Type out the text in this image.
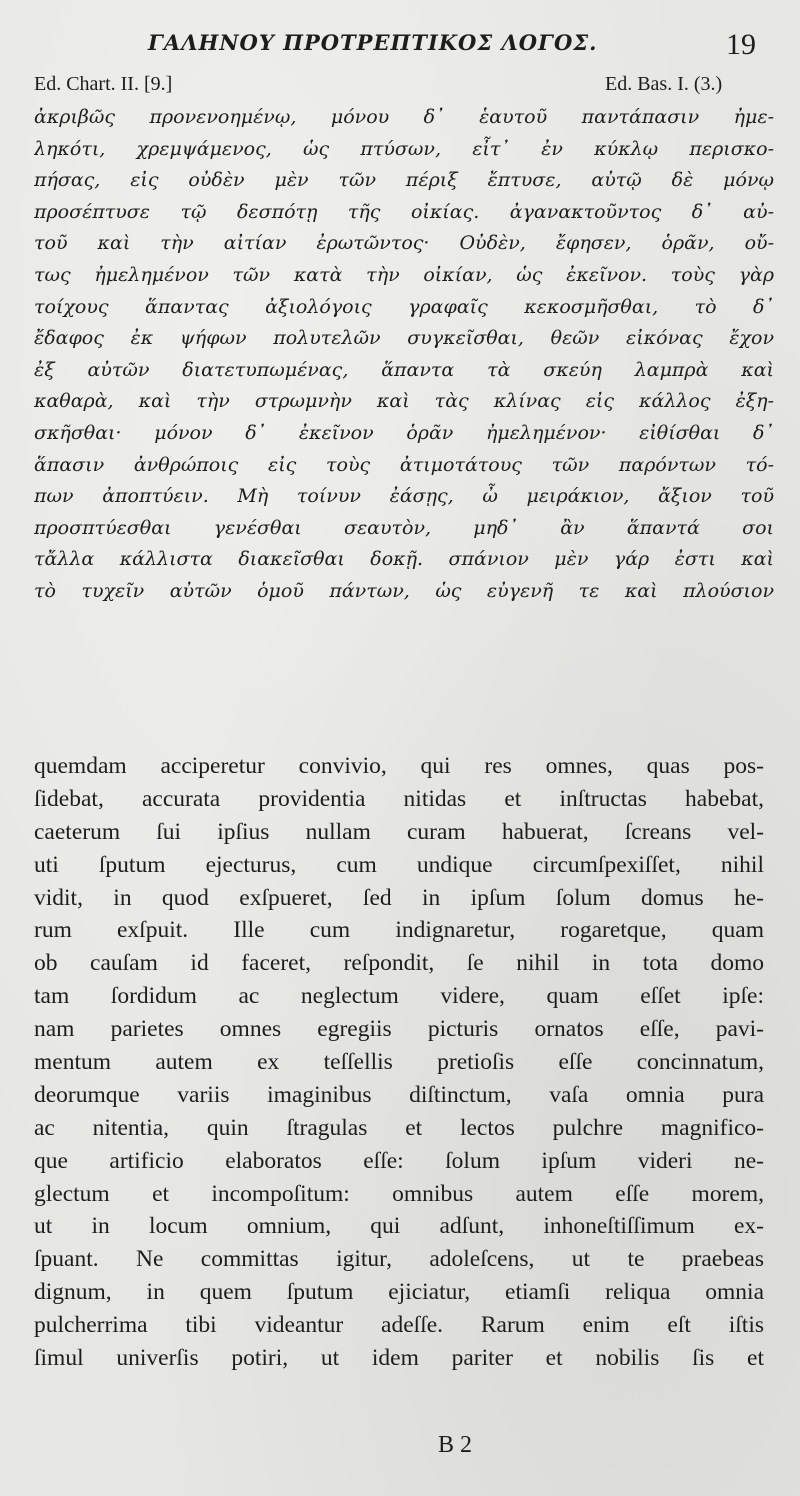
ΓΑΛΗΝΟΥ ΠΡΟΤΡΕΠΤΙΚΟΣ ΛΟΓΟΣ.	19
Ed. Chart. II. [9.]	Ed. Bas. I. (3.)
ἀκριβῶς προνενοημένῳ, μόνου δ᾽ ἑαυτοῦ παντάπασιν ἠμε-
ληκότι, χρεμψάμενος, ὡς πτύσων, εἶτ᾽ ἐν κύκλῳ περισκο-
πήσας, εἰς οὐδὲν μὲν τῶν πέριξ ἔπτυσε, αὐτῷ δὲ μόνῳ
προσέπτυσε τῷ δεσπότῃ τῆς οἰκίας. ἀγανακτοῦντος δ᾽ αὐ-
τοῦ καὶ τὴν αἰτίαν ἐρωτῶντος· Οὐδὲν, ἔφησεν, ὁρᾶν, οὔ-
τως ἠμελημένον τῶν κατὰ τὴν οἰκίαν, ὡς ἐκεῖνον. τοὺς γὰρ
τοίχους ἅπαντας ἀξιολόγοις γραφαῖς κεκοσμῆσθαι, τὸ δ᾽
ἔδαφος ἐκ ψήφων πολυτελῶν συγκεῖσθαι, θεῶν εἰκόνας ἔχον
ἐξ αὐτῶν διατετυπωμένας, ἅπαντα τὰ σκεύη λαμπρὰ καὶ
καθαρὰ, καὶ τὴν στρωμνὴν καὶ τὰς κλίνας εἰς κάλλος ἐξη-
σκῆσθαι· μόνον δ᾽ ἐκεῖνον ὁρᾶν ἠμελημένον· εἰθίσθαι δ᾽
ἅπασιν ἀνθρώποις εἰς τοὺς ἀτιμοτάτους τῶν παρόντων τό-
πων ἀποπτύειν. Μὴ τοίνυν ἐάσῃς, ὦ μειράκιον, ἄξιον τοῦ
προσπτύεσθαι γενέσθαι σεαυτὸν, μηδ᾽ ἂν ἅπαντά σοι
τἄλλα κάλλιστα διακεῖσθαι δοκῇ. σπάνιον μὲν γάρ ἐστι καὶ
τὸ τυχεῖν αὐτῶν ὁμοῦ πάντων, ὡς εὐγενῆ τε καὶ πλούσιον
quemdam acciperetur convivio, qui res omnes, quas pos-
ſidebat, accurata providentia nitidas et inſtructas habebat,
caeterum ſui ipſius nullam curam habuerat, ſcreans vel-
uti ſputum ejecturus, cum undique circumſpexiſſet, nihil
vidit, in quod exſpueret, ſed in ipſum ſolum domus he-
rum exſpuit. Ille cum indignaretur, rogaretque, quam
ob cauſam id faceret, reſpondit, ſe nihil in tota domo
tam ſordidum ac neglectum videre, quam eſſet ipſe:
nam parietes omnes egregiis picturis ornatos eſſe, pavi-
mentum autem ex teſſellis pretioſis eſſe concinnatum,
deorumque variis imaginibus diſtinctum, vaſa omnia pura
ac nitentia, quin ſtragulas et lectos pulchre magnifico-
que artificio elaboratos eſſe: ſolum ipſum videri ne-
glectum et incompoſitum: omnibus autem eſſe morem,
ut in locum omnium, qui adſunt, inhoneſtiſſimum ex-
ſpuant. Ne committas igitur, adoleſcens, ut te praebeas
dignum, in quem ſputum ejiciatur, etiamſi reliqua omnia
pulcherrima tibi videantur adeſſe. Rarum enim eſt iſtis
ſimul univerſis potiri, ut idem pariter et nobilis ſis et
B 2
